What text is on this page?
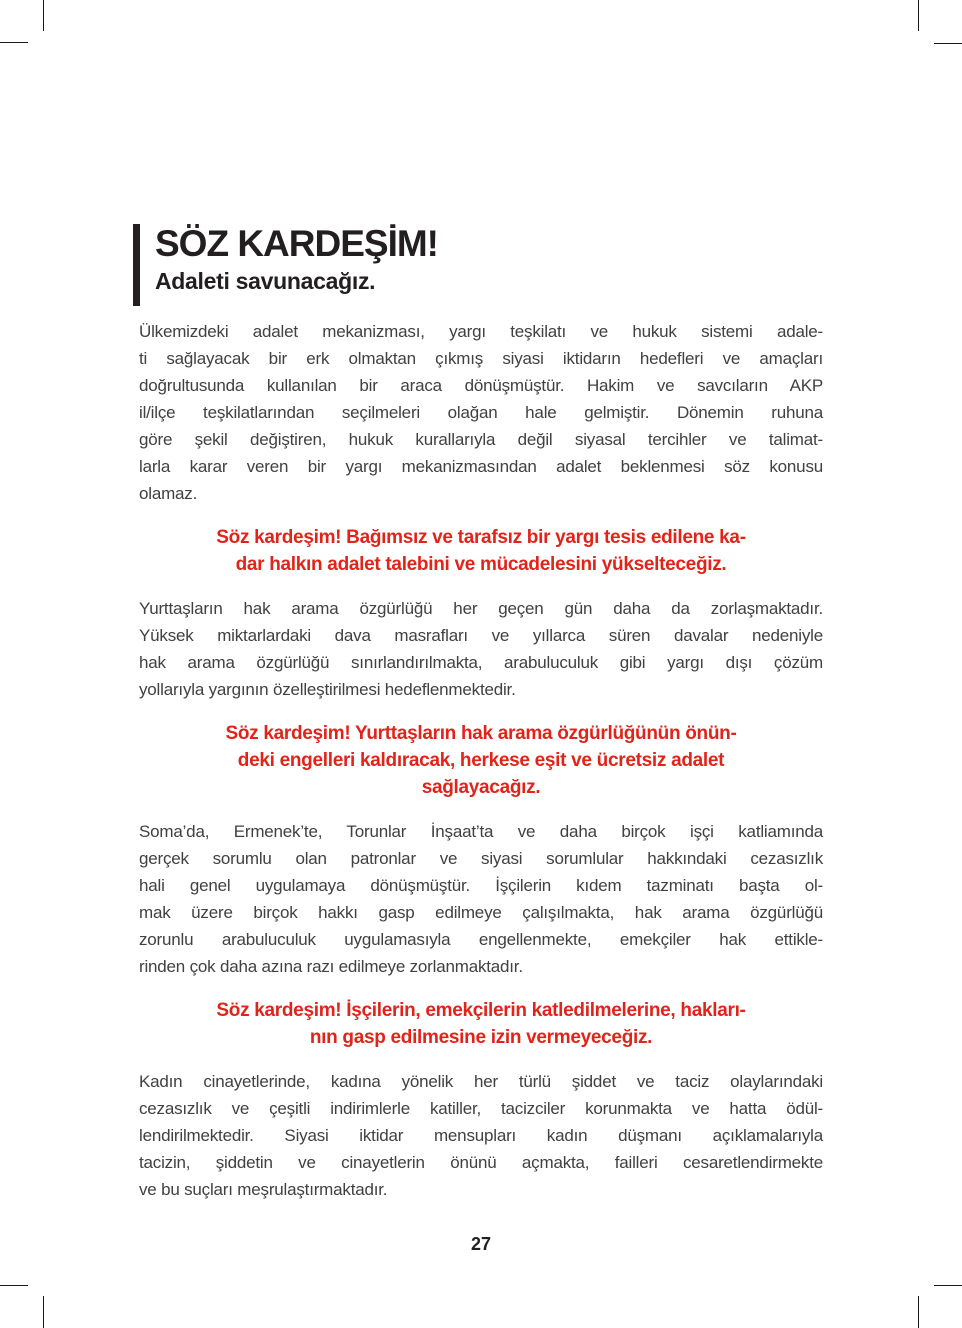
SÖZ KARDEŞİM!
Adaleti savunacağız.
Ülkemizdeki adalet mekanizması, yargı teşkilatı ve hukuk sistemi adale-
ti sağlayacak bir erk olmaktan çıkmış siyasi iktidarın hedefleri ve amaçları
doğrultusunda kullanılan bir araca dönüşmüştür. Hakim ve savcıların AKP
il/ilçe teşkilatlarından seçilmeleri olağan hale gelmiştir. Dönemin ruhuna
göre şekil değiştiren, hukuk kurallarıyla değil siyasal tercihler ve talimat-
larla karar veren bir yargı mekanizmasından adalet beklenmesi söz konusu
olamaz.
Söz kardeşim! Bağımsız ve tarafsız bir yargı tesis edilene ka-
dar halkın adalet talebini ve mücadelesini yükselteceğiz.
Yurttaşların hak arama özgürlüğü her geçen gün daha da zorlaşmaktadır.
Yüksek miktarlardaki dava masrafları ve yıllarca süren davalar nedeniyle
hak arama özgürlüğü sınırlandırılmakta, arabuluculuk gibi yargı dışı çözüm
yollarıyla yargının özelleştirilmesi hedeflenmektedir.
Söz kardeşim! Yurttaşların hak arama özgürlüğünün önün-
deki engelleri kaldıracak, herkese eşit ve ücretsiz adalet
sağlayacağız.
Soma’da, Ermenek’te, Torunlar İnşaat’ta ve daha birçok işçi katliamında
gerçek sorumlu olan patronlar ve siyasi sorumlular hakkındaki cezasızlık
hali genel uygulamaya dönüşmüştür. İşçilerin kıdem tazminatı başta ol-
mak üzere birçok hakkı gasp edilmeye çalışılmakta, hak arama özgürlüğü
zorunlu arabuluculuk uygulamasıyla engellenmekte, emekçiler hak ettikle-
rinden çok daha azına razı edilmeye zorlanmaktadır.
Söz kardeşim! İşçilerin, emekçilerin katledilmelerine, hakları-
nın gasp edilmesine izin vermeyeceğiz.
Kadın cinayetlerinde, kadına yönelik her türlü şiddet ve taciz olaylarındaki
cezasızlık ve çeşitli indirimlerle katiller, tacizciler korunmakta ve hatta ödül-
lendirilmektedir. Siyasi iktidar mensupları kadın düşmanı açıklamalarıyla
tacizin, şiddetin ve cinayetlerin önünü açmakta, failleri cesaretlendirmekte
ve bu suçları meşrulaştırmaktadır.
27
